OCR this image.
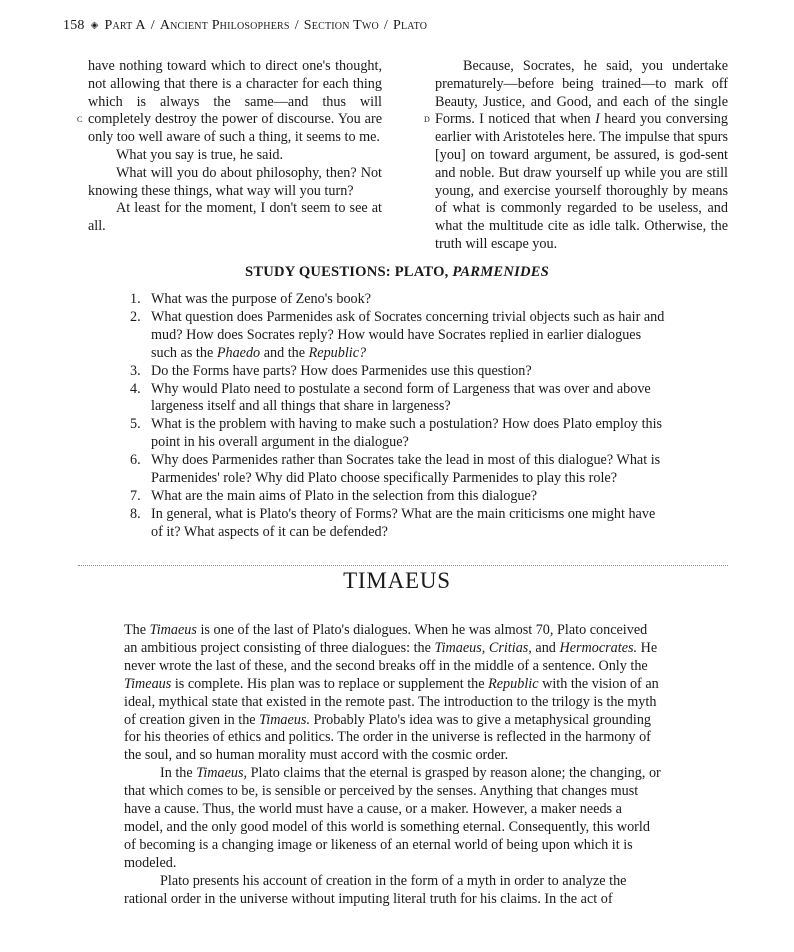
158 ◈ Part A / Ancient Philosophers / Section Two / Plato

have nothing toward which to direct one's thought, not allowing that there is a character for each thing which is always the same—and thus will completely destroy the power of discourse. You are only too well aware of such a thing, it seems to me.

What you say is true, he said.

What will you do about philosophy, then? Not knowing these things, what way will you turn?

At least for the moment, I don't seem to see at all.

c

Because, Socrates, he said, you undertake prematurely—before being trained—to mark off Beauty, Justice, and Good, and each of the single Forms. I noticed that when I heard you conversing earlier with Aristoteles here. The impulse that spurs [you] on toward argument, be assured, is god-sent and noble. But draw yourself up while you are still young, and exercise yourself thoroughly by means of what is commonly regarded to be useless, and what the multitude cite as idle talk. Otherwise, the truth will escape you.

d
STUDY QUESTIONS: PLATO, PARMENIDES
1. What was the purpose of Zeno's book?
2. What question does Parmenides ask of Socrates concerning trivial objects such as hair and mud? How does Socrates reply? How would have Socrates replied in earlier dialogues such as the Phaedo and the Republic?
3. Do the Forms have parts? How does Parmenides use this question?
4. Why would Plato need to postulate a second form of Largeness that was over and above largeness itself and all things that share in largeness?
5. What is the problem with having to make such a postulation? How does Plato employ this point in his overall argument in the dialogue?
6. Why does Parmenides rather than Socrates take the lead in most of this dialogue? What is Parmenides' role? Why did Plato choose specifically Parmenides to play this role?
7. What are the main aims of Plato in the selection from this dialogue?
8. In general, what is Plato's theory of Forms? What are the main criticisms one might have of it? What aspects of it can be defended?
TIMAEUS

The Timaeus is one of the last of Plato's dialogues. When he was almost 70, Plato conceived an ambitious project consisting of three dialogues: the Timaeus, Critias, and Hermocrates. He never wrote the last of these, and the second breaks off in the middle of a sentence. Only the Timeaus is complete. His plan was to replace or supplement the Republic with the vision of an ideal, mythical state that existed in the remote past. The introduction to the trilogy is the myth of creation given in the Timaeus. Probably Plato's idea was to give a metaphysical grounding for his theories of ethics and politics. The order in the universe is reflected in the harmony of the soul, and so human morality must accord with the cosmic order.

In the Timaeus, Plato claims that the eternal is grasped by reason alone; the changing, or that which comes to be, is sensible or perceived by the senses. Anything that changes must have a cause. Thus, the world must have a cause, or a maker. However, a maker needs a model, and the only good model of this world is something eternal. Consequently, this world of becoming is a changing image or likeness of an eternal world of being upon which it is modeled.

Plato presents his account of creation in the form of a myth in order to analyze the rational order in the universe without imputing literal truth for his claims. In the act of
